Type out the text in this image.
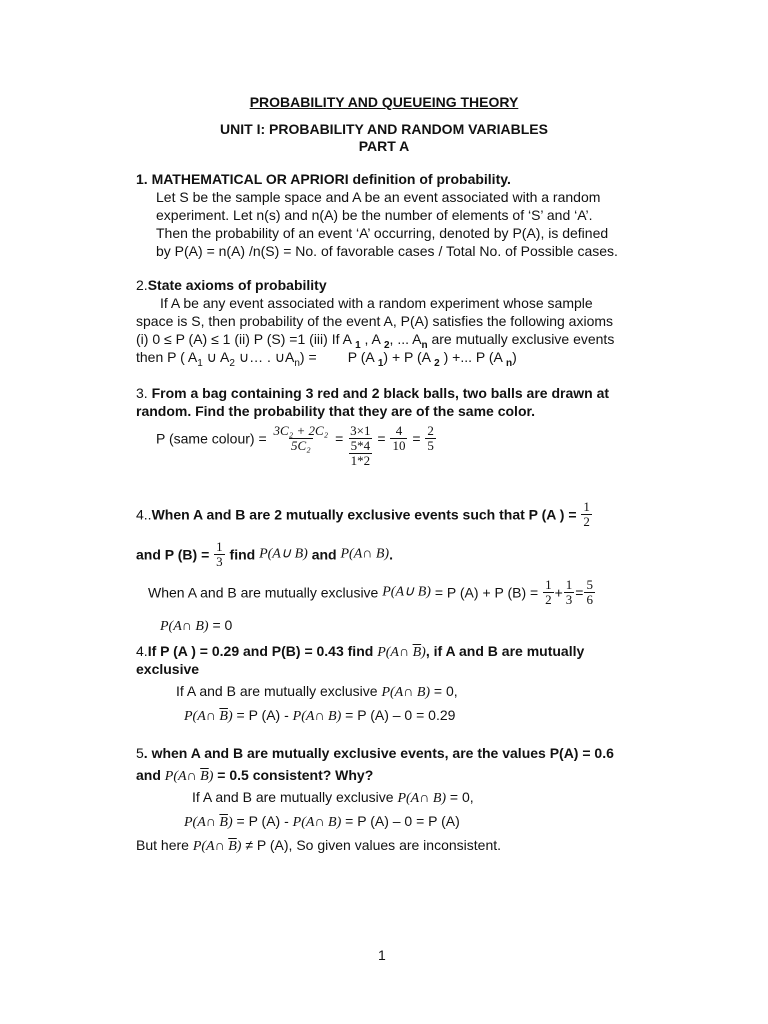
PROBABILITY AND QUEUEING THEORY
UNIT I: PROBABILITY AND RANDOM VARIABLES
PART A
1. MATHEMATICAL OR APRIORI definition of probability.
Let S be the sample space and A be an event associated with a random
experiment. Let n(s) and n(A) be the number of elements of ‘S’ and ‘A’.
Then the probability of an event ‘A’ occurring, denoted by P(A), is defined
by P(A) = n(A) /n(S) = No. of favorable cases / Total No. of Possible cases.
2.State axioms of probability
If A be any event associated with a random experiment whose sample
space is S, then probability of the event A, P(A) satisfies the following axioms
(i) 0 ≤ P (A) ≤ 1 (ii) P (S) =1 (iii) If A $_1$ , A $_2$, ... $A_n$ are mutually exclusive events
then P ( $A_1$ ∪ $A_2$ ∪… . $\cup A_n$) =        P (A $_1$) + P (A $_2$ ) +... P (A $_n$)
3. From a bag containing 3 red and 2 black balls, two balls are drawn at
random. Find the probability that they are of the same color.
P (same colour) = $\frac{\text{3C₂ + 2C₂}}{\text{5C₂}} = 3\times 1$
5*4
1*2
= $\frac{4}{10} = \frac{2}{5}$
4..When A and B are 2 mutually exclusive events such that P (A ) = $\frac{1}{2}$
and P $(B) = \frac{1}{3}$ find P(A∪ B) and P(A∩ B).
When A and B are mutually exclusive P(A∪ B) = P (A) + P $(B) = \frac{1}{2} + \frac{1}{3} = \frac{5}{6}$
P(A∩ B) = 0
4.If P (A ) = 0.29 and P(B) = 0.43 find P(A∩ $\overline{B}$), if A and B are mutually
exclusive
If A and B are mutually exclusive P(A∩ B) = 0,
P(A∩ $\overline{B}) = P$ (A) - P(A∩ B) = P (A) – 0 = 0.29
5. when A and B are mutually exclusive events, are the values P(A) = 0.6
and P(A∩ $\overline{B}) = 0.5$ consistent? Why?
If A and B are mutually exclusive P(A∩ B) = 0,
P(A∩ $\overline{B}) = P$ (A) - P(A∩ B) = P (A) – 0 = P (A)
But here P(A∩ $\overline{B}) \ne P$ (A), So given values are inconsistent.
1
